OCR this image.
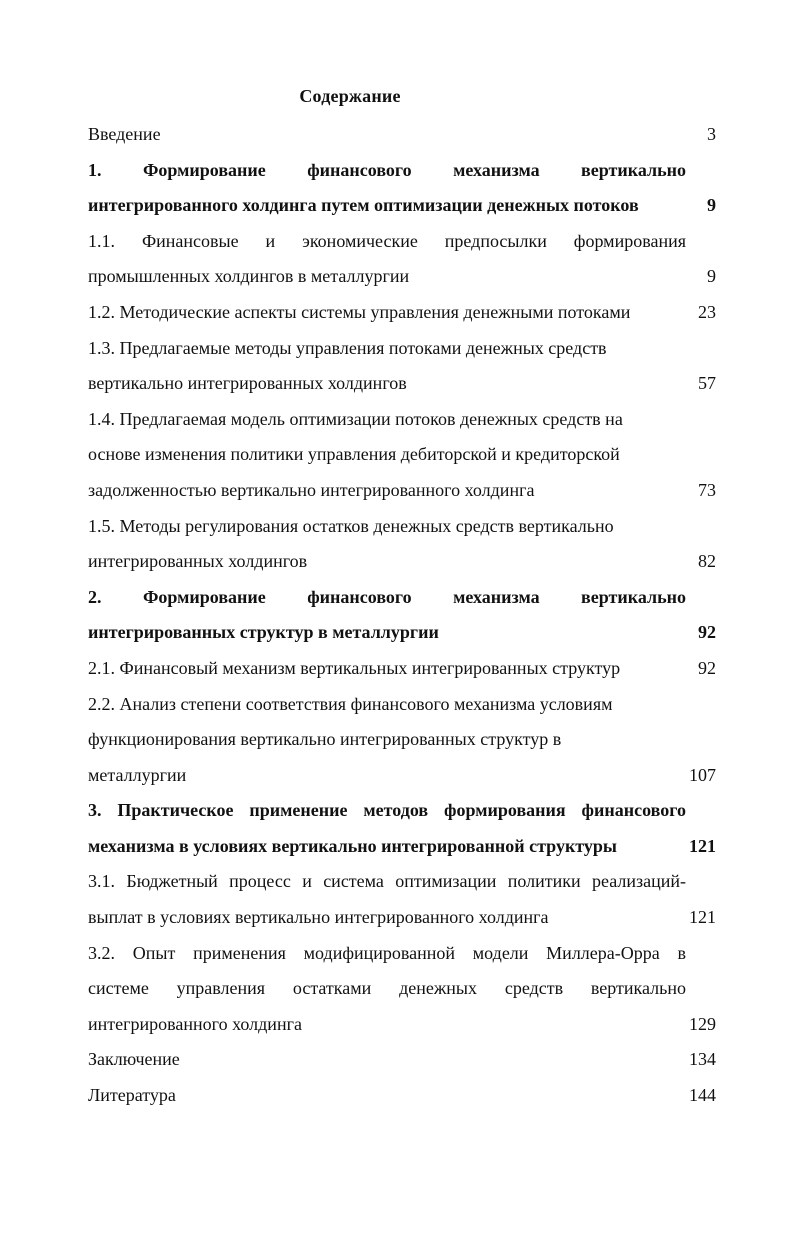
Содержание
Введение	3
1. Формирование финансового механизма вертикально
интегрированного холдинга путем оптимизации денежных потоков	9
1.1. Финансовые и экономические предпосылки формирования
промышленных холдингов в металлургии	9
1.2. Методические аспекты системы управления денежными потоками	23
1.3. Предлагаемые методы управления потоками денежных средств
вертикально интегрированных холдингов	57
1.4. Предлагаемая модель оптимизации потоков денежных средств на
основе изменения политики управления дебиторской и кредиторской
задолженностью вертикально интегрированного холдинга	73
1.5. Методы регулирования остатков денежных средств вертикально
интегрированных холдингов	82
2. Формирование финансового механизма вертикально
интегрированных структур в металлургии	92
2.1. Финансовый механизм вертикальных интегрированных структур	92
2.2. Анализ степени соответствия финансового механизма условиям
функционирования вертикально интегрированных структур в
металлургии	107
3. Практическое применение методов формирования финансового
механизма в условиях вертикально интегрированной структуры	121
3.1. Бюджетный процесс и система оптимизации политики реализаций-
выплат в условиях вертикально интегрированного холдинга	121
3.2. Опыт применения модифицированной модели Миллера-Орра в
системе управления остатками денежных средств вертикально
интегрированного холдинга	129
Заключение	134
Литература	144
